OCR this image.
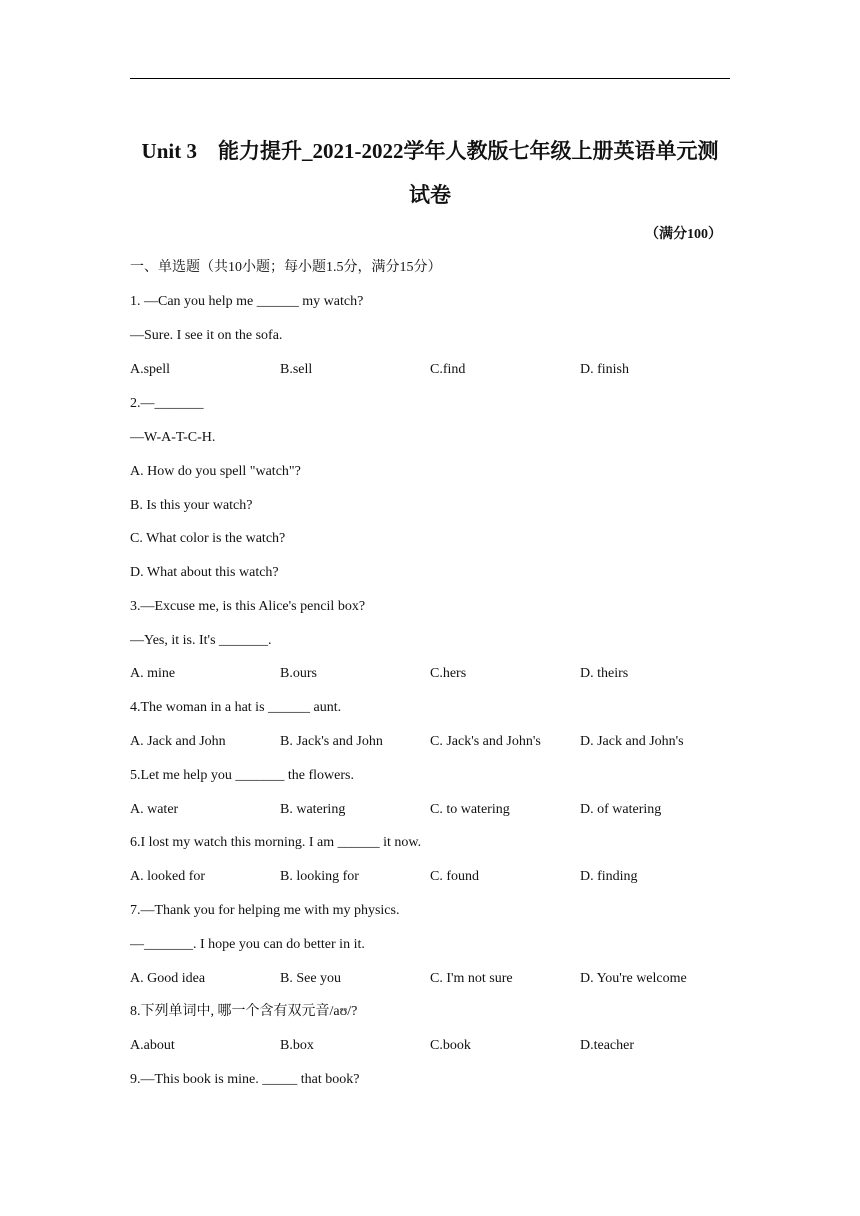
Unit 3　能力提升_2021-2022学年人教版七年级上册英语单元测
试卷
（满分100）
一、单选题（共10小题；每小题1.5分，满分15分）
1. —Can you help me ______ my watch?
—Sure. I see it on the sofa.
A.spell	B.sell	C.find	D. finish
2.—_______
—W-A-T-C-H.
A. How do you spell "watch"?
B. Is this your watch?
C. What color is the watch?
D. What about this watch?
3.—Excuse me, is this Alice's pencil box?
—Yes, it is. It's _______.
A. mine	B.ours	C.hers	D. theirs
4.The woman in a hat is ______ aunt.
A. Jack and John	B. Jack's and John	C. Jack's and John's	D. Jack and John's
5.Let me help you _______ the flowers.
A. water	B. watering	C. to watering	D. of watering
6.I lost my watch this morning. I am ______ it now.
A. looked for	B. looking for	C. found	D. finding
7.—Thank you for helping me with my physics.
—_______. I hope you can do better in it.
A. Good idea	B. See you	C. I'm not sure	D. You're welcome
8.下列单词中, 哪一个含有双元音/aʊ/?
A.about	B.box	C.book	D.teacher
9.—This book is mine. _____ that book?
